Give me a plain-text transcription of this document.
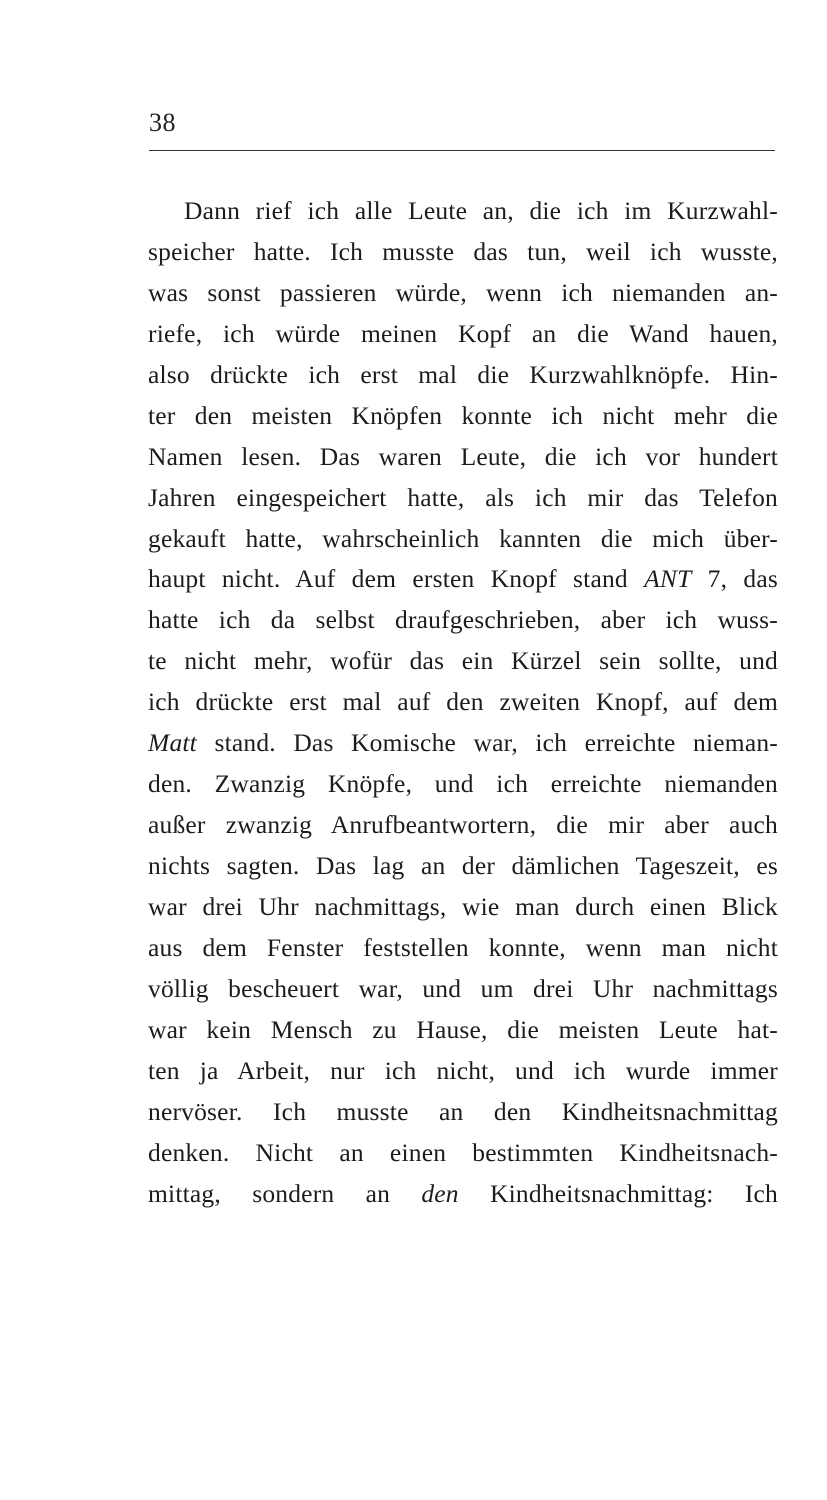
38
Dann rief ich alle Leute an, die ich im Kurzwahl-
speicher hatte. Ich musste das tun, weil ich wusste,
was sonst passieren würde, wenn ich niemanden an-
riefe, ich würde meinen Kopf an die Wand hauen,
also drückte ich erst mal die Kurzwahlknöpfe. Hin-
ter den meisten Knöpfen konnte ich nicht mehr die
Namen lesen. Das waren Leute, die ich vor hundert
Jahren eingespeichert hatte, als ich mir das Telefon
gekauft hatte, wahrscheinlich kannten die mich über-
haupt nicht. Auf dem ersten Knopf stand ANT 7, das
hatte ich da selbst draufgeschrieben, aber ich wuss-
te nicht mehr, wofür das ein Kürzel sein sollte, und
ich drückte erst mal auf den zweiten Knopf, auf dem
Matt stand. Das Komische war, ich erreichte nieman-
den. Zwanzig Knöpfe, und ich erreichte niemanden
außer zwanzig Anrufbeantwortern, die mir aber auch
nichts sagten. Das lag an der dämlichen Tageszeit, es
war drei Uhr nachmittags, wie man durch einen Blick
aus dem Fenster feststellen konnte, wenn man nicht
völlig bescheuert war, und um drei Uhr nachmittags
war kein Mensch zu Hause, die meisten Leute hat-
ten ja Arbeit, nur ich nicht, und ich wurde immer
nervöser. Ich musste an den Kindheitsnachmittag
denken. Nicht an einen bestimmten Kindheitsnach-
mittag, sondern an den Kindheitsnachmittag: Ich
